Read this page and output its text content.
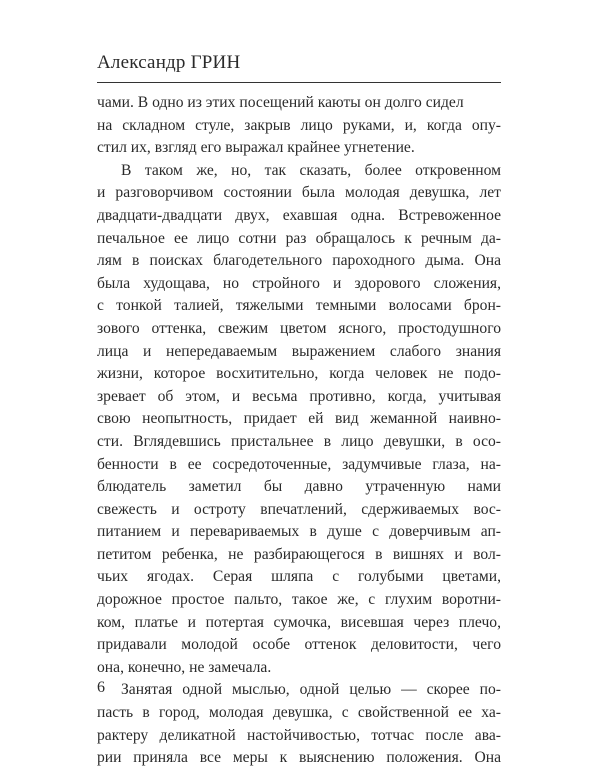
Александр ГРИН
чами. В одно из этих посещений каюты он долго сидел
на складном стуле, закрыв лицо руками, и, когда опу-
стил их, взгляд его выражал крайнее угнетение.
В таком же, но, так сказать, более откровенном
и разговорчивом состоянии была молодая девушка, лет
двадцати-двадцати двух, ехавшая одна. Встревоженное
печальное ее лицо сотни раз обращалось к речным да-
лям в поисках благодетельного пароходного дыма. Она
была худощава, но стройного и здорового сложения,
с тонкой талией, тяжелыми темными волосами брон-
зового оттенка, свежим цветом ясного, простодушного
лица и непередаваемым выражением слабого знания
жизни, которое восхитительно, когда человек не подо-
зревает об этом, и весьма противно, когда, учитывая
свою неопытность, придает ей вид жеманной наивно-
сти. Вглядевшись пристальнее в лицо девушки, в осо-
бенности в ее сосредоточенные, задумчивые глаза, на-
блюдатель заметил бы давно утраченную нами
свежесть и остроту впечатлений, сдерживаемых вос-
питанием и перевариваемых в душе с доверчивым ап-
петитом ребенка, не разбирающегося в вишнях и вол-
чьих ягодах. Серая шляпа с голубыми цветами,
дорожное простое пальто, такое же, с глухим воротни-
ком, платье и потертая сумочка, висевшая через плечо,
придавали молодой особе оттенок деловитости, чего
она, конечно, не замечала.
Занятая одной мыслью, одной целью — скорее по-
пасть в город, молодая девушка, с свойственной ее ха-
рактеру деликатной настойчивостью, тотчас после ава-
рии приняла все меры к выяснению положения. Она
6
